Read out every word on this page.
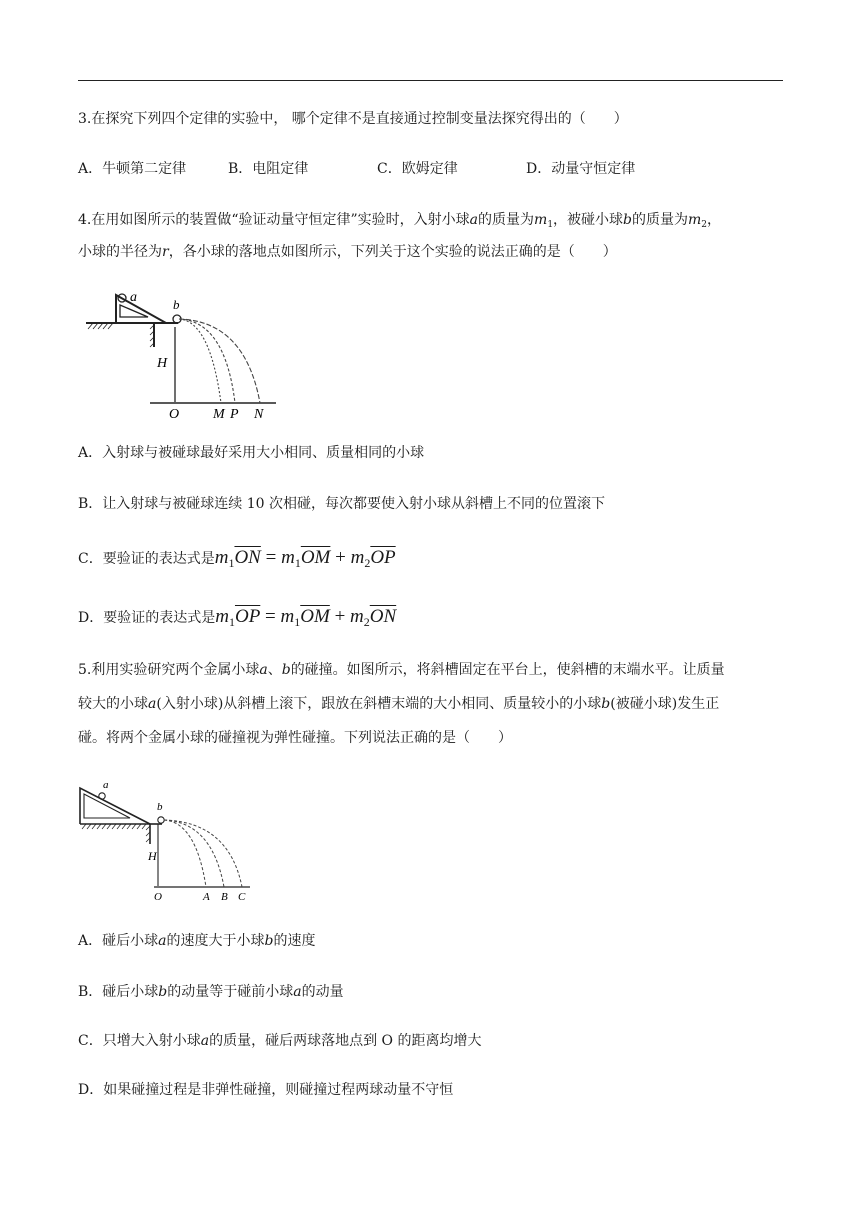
3.在探究下列四个定律的实验中， 哪个定律不是直接通过控制变量法探究得出的（　　）
A．牛顿第二定律	B．电阻定律	C．欧姆定律	D．动量守恒定律
4.在用如图所示的装置做“验证动量守恒定律”实验时，入射小球a的质量为$m_1$，被碰小球b的质量为$m_2$，
小球的半径为r，各小球的落地点如图所示，下列关于这个实验的说法正确的是（　　）
a	b
H
O M P N
A．入射球与被碰球最好采用大小相同、质量相同的小球
B．让入射球与被碰球连续 10 次相碰，每次都要使入射小球从斜槽上不同的位置滚下
C．要验证的表达式是$m_1\overline{ON} = m_1\overline{OM} + m_2\overline{OP}$
D．要验证的表达式是$m_1\overline{OP} = m_1\overline{OM} + m_2\overline{ON}$
5.利用实验研究两个金属小球a、b的碰撞。如图所示，将斜槽固定在平台上，使斜槽的末端水平。让质量
较大的小球a(入射小球)从斜槽上滚下，跟放在斜槽末端的大小相同、质量较小的小球b(被碰小球)发生正
碰。将两个金属小球的碰撞视为弹性碰撞。下列说法正确的是（　　）
a
b
H
O	A B C
A．碰后小球a的速度大于小球b的速度
B．碰后小球b的动量等于碰前小球a的动量
C．只增大入射小球a的质量，碰后两球落地点到 O 的距离均增大
D．如果碰撞过程是非弹性碰撞，则碰撞过程两球动量不守恒
